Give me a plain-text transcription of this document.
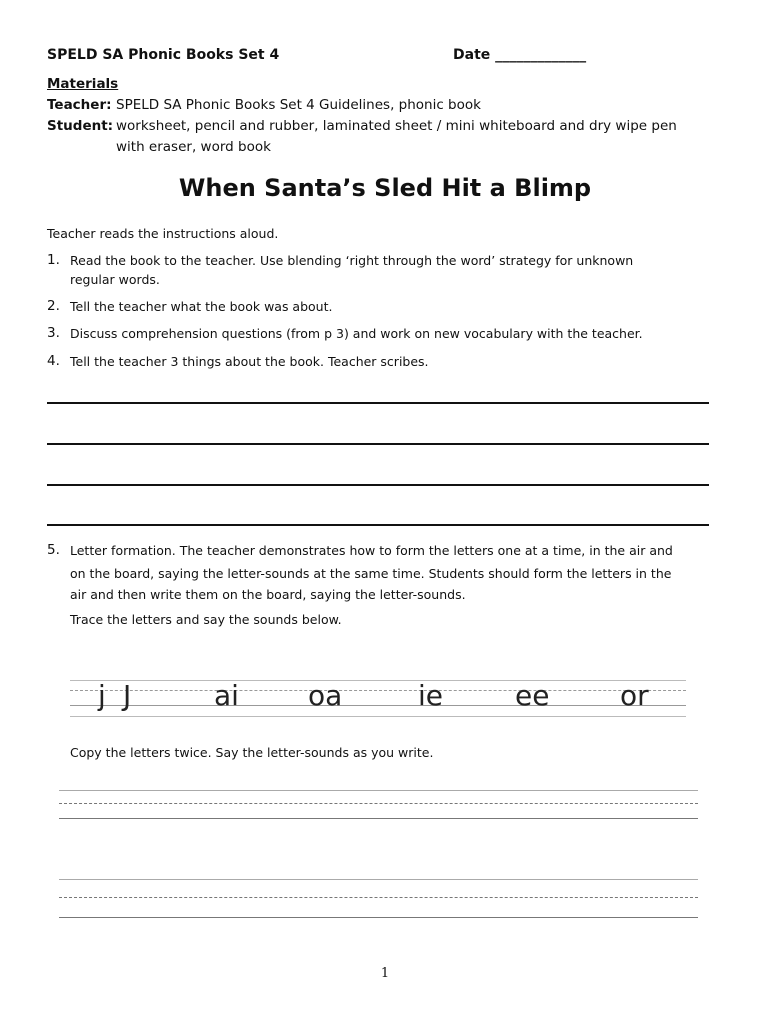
SPELD SA Phonic Books Set 4	Date _____________
Materials
Teacher: SPELD SA Phonic Books Set 4 Guidelines, phonic book
Student: worksheet, pencil and rubber, laminated sheet / mini whiteboard and dry wipe pen
with eraser, word book
When Santa’s Sled Hit a Blimp
Teacher reads the instructions aloud.
1. Read the book to the teacher. Use blending ‘right through the word’ strategy for unknown
regular words.
2. Tell the teacher what the book was about.
3. Discuss comprehension questions (from p 3) and work on new vocabulary with the teacher.
4. Tell the teacher 3 things about the book. Teacher scribes.
5. Letter formation. The teacher demonstrates how to form the letters one at a time, in the air and
on the board, saying the letter-sounds at the same time. Students should form the letters in the
air and then write them on the board, saying the letter-sounds.
Trace the letters and say the sounds below.
j J	ai oa	ie	ee	or
Copy the letters twice. Say the letter-sounds as you write.
1
